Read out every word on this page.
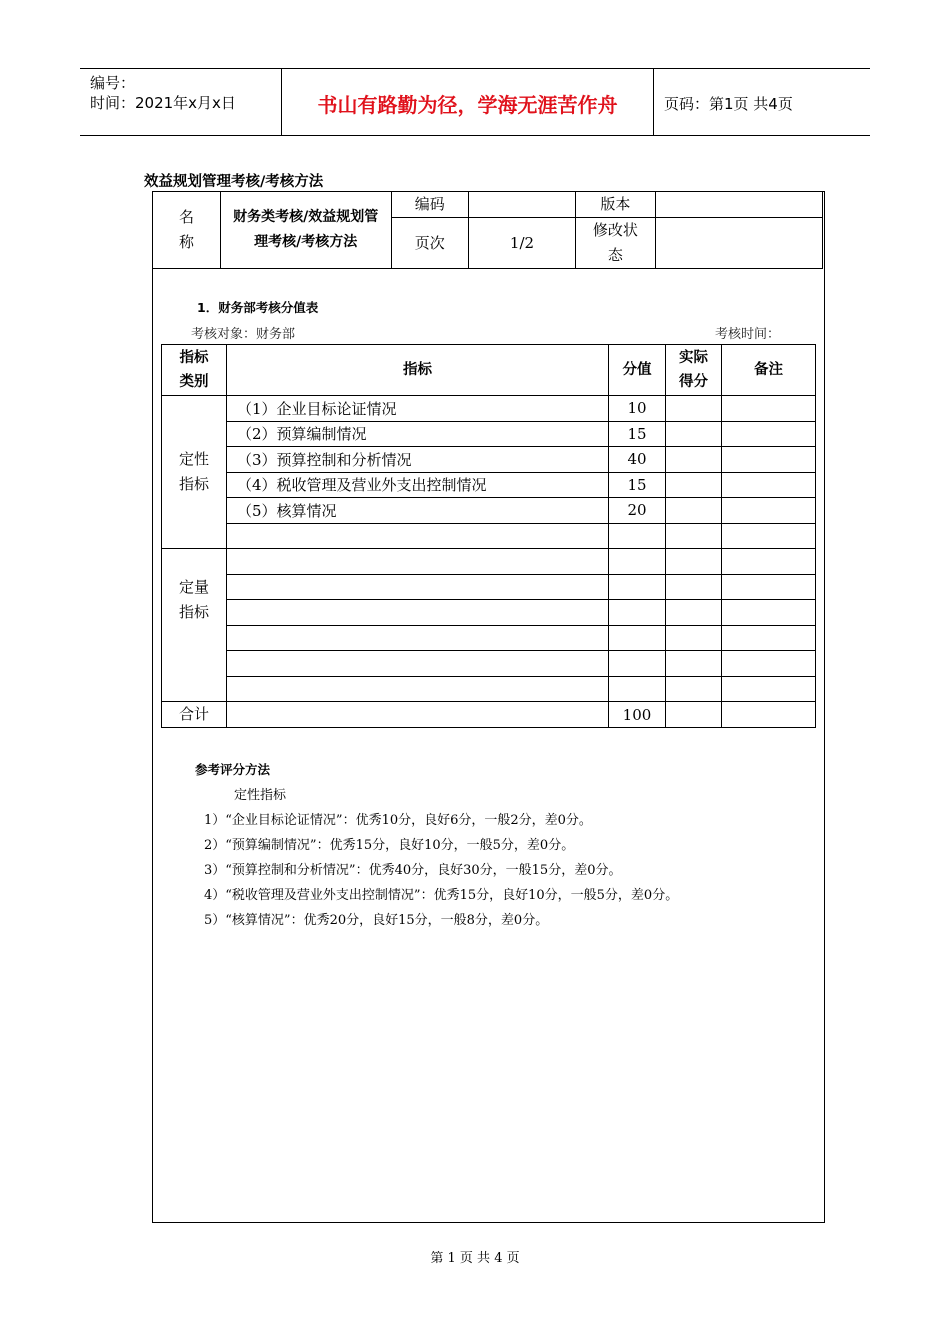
编号：
时间：2021年x月x日	书山有路勤为径，学海无涯苦作舟	页码：第1页 共4页
效益规划管理考核/考核方法
名称	财务类考核/效益规划管理考核/考核方法	编码		版本	
		页次	1/2	修改状态	
1．财务部考核分值表
考核对象：财务部	考核时间：
指标类别	指标	分值	实际得分	备注
定性指标	（1）企业目标论证情况	10		
	（2）预算编制情况	15		
	（3）预算控制和分析情况	40		
	（4）税收管理及营业外支出控制情况	15		
	（5）核算情况	20		

定量指标				

合计		100		
参考评分方法
定性指标
1）“企业目标论证情况”：优秀10分，良好6分，一般2分，差0分。
2）“预算编制情况”：优秀15分，良好10分，一般5分，差0分。
3）“预算控制和分析情况”：优秀40分，良好30分，一般15分，差0分。
4）“税收管理及营业外支出控制情况”：优秀15分，良好10分，一般5分，差0分。
5）“核算情况”：优秀20分，良好15分，一般8分，差0分。
第 1 页 共 4 页
